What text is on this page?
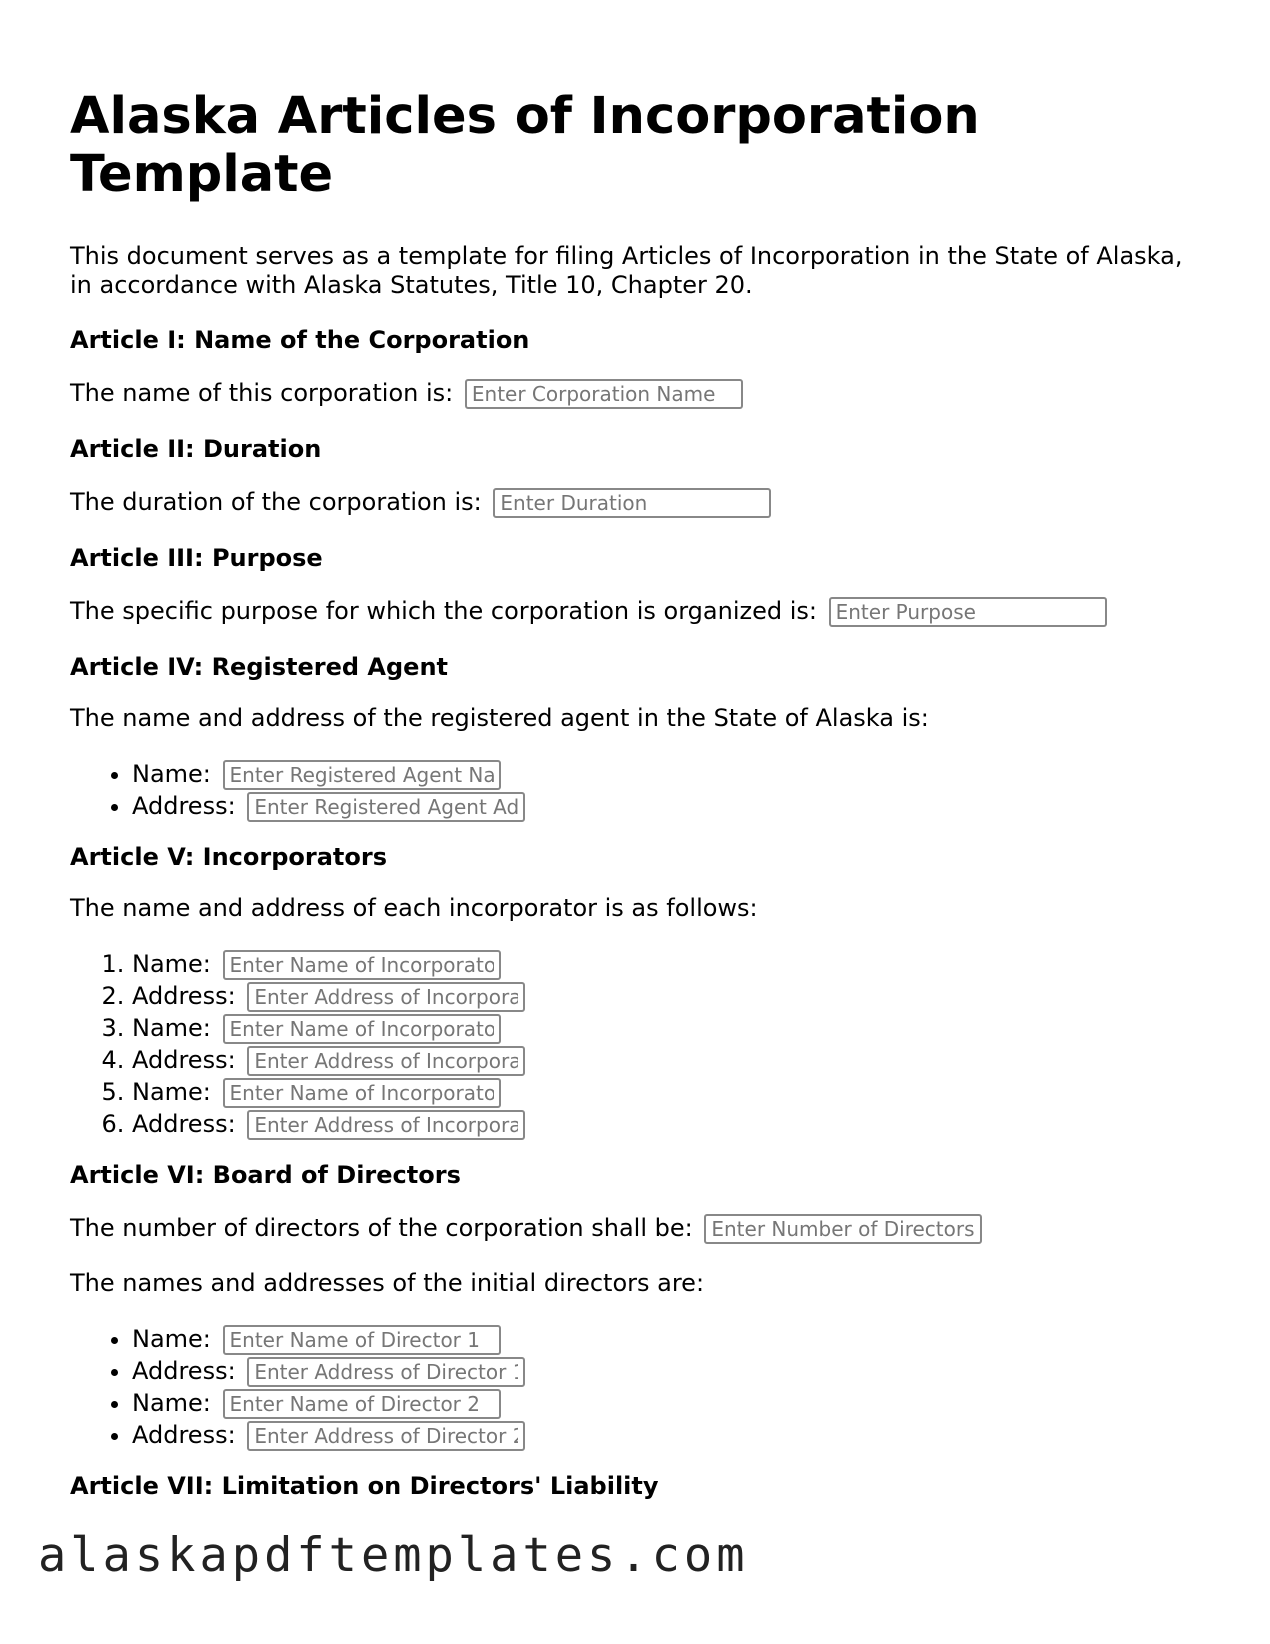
Alaska Articles of Incorporation Template

This document serves as a template for filing Articles of Incorporation in the State of Alaska, in accordance with Alaska Statutes, Title 10, Chapter 20.

Article I: Name of the Corporation
The name of this corporation is: Enter Corporation Name
Article II: Duration
The duration of the corporation is: Enter Duration
Article III: Purpose
The specific purpose for which the corporation is organized is: Enter Purpose
Article IV: Registered Agent

The name and address of the registered agent in the State of Alaska is:

• Name: Enter Registered Agent Name
• Address: Enter Registered Agent Address
Article V: Incorporators

The name and address of each incorporator is as follows:

1. Name: Enter Name of Incorporator 1
2. Address: Enter Address of Incorporator 1
3. Name: Enter Name of Incorporator 2
4. Address: Enter Address of Incorporator 2
5. Name: Enter Name of Incorporator 3
6. Address: Enter Address of Incorporator 3
Article VI: Board of Directors
The number of directors of the corporation shall be: Enter Number of Directors

The names and addresses of the initial directors are:

• Name: Enter Name of Director 1
• Address: Enter Address of Director 1
• Name: Enter Name of Director 2
• Address: Enter Address of Director 2
Article VII: Limitation on Directors' Liability
alaskapdftemplates.com
